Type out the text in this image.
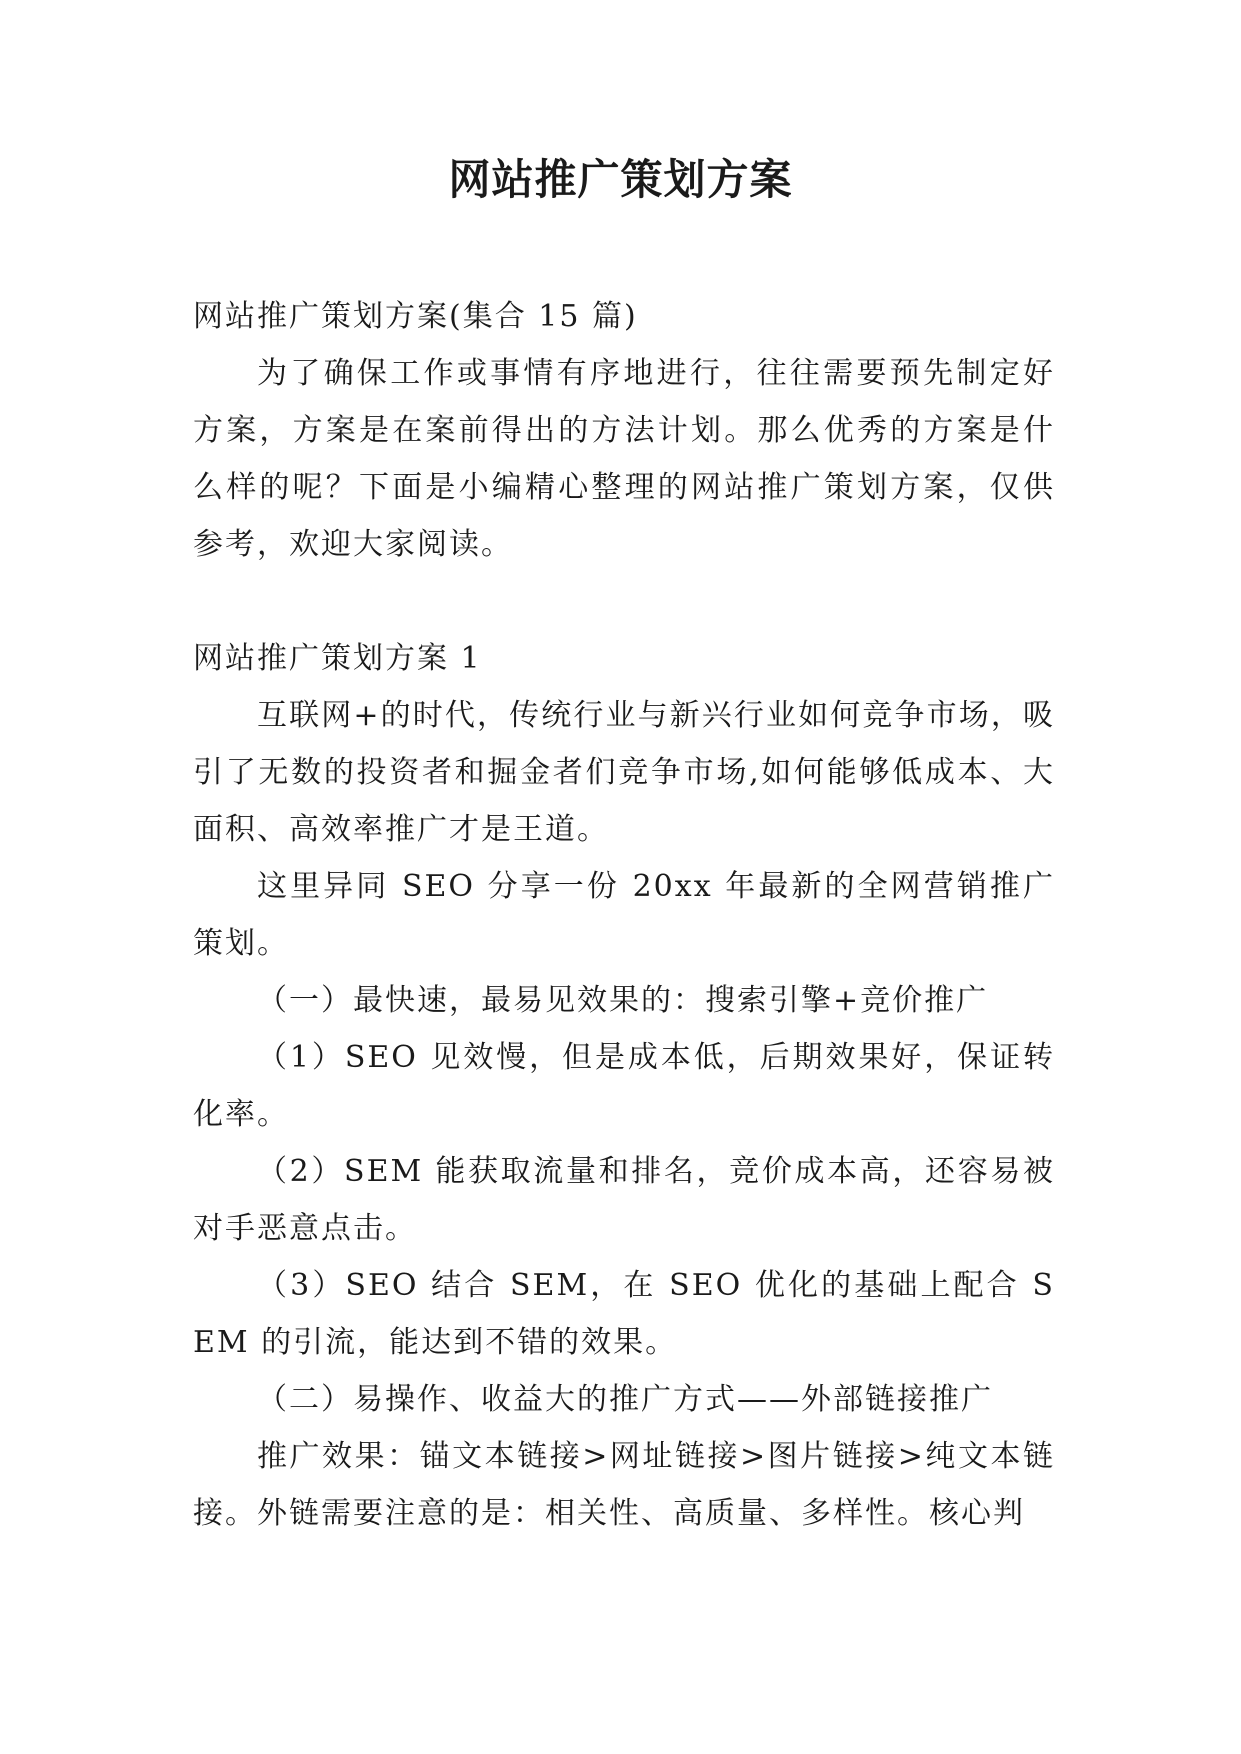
网站推广策划方案

网站推广策划方案(集合 15 篇)

为了确保工作或事情有序地进行，往往需要预先制定好方案，方案是在案前得出的方法计划。那么优秀的方案是什么样的呢？下面是小编精心整理的网站推广策划方案，仅供参考，欢迎大家阅读。

网站推广策划方案 1

互联网+的时代，传统行业与新兴行业如何竞争市场，吸引了无数的投资者和掘金者们竞争市场,如何能够低成本、大面积、高效率推广才是王道。

这里异同 SEO 分享一份 20xx 年最新的全网营销推广策划。

（一）最快速，最易见效果的：搜索引擎+竞价推广

（1）SEO 见效慢，但是成本低，后期效果好，保证转化率。

（2）SEM 能获取流量和排名，竞价成本高，还容易被对手恶意点击。

（3）SEO 结合 SEM，在 SEO 优化的基础上配合 SEM 的引流，能达到不错的效果。

（二）易操作、收益大的推广方式——外部链接推广

推广效果：锚文本链接>网址链接>图片链接>纯文本链接。外链需要注意的是：相关性、高质量、多样性。核心判
